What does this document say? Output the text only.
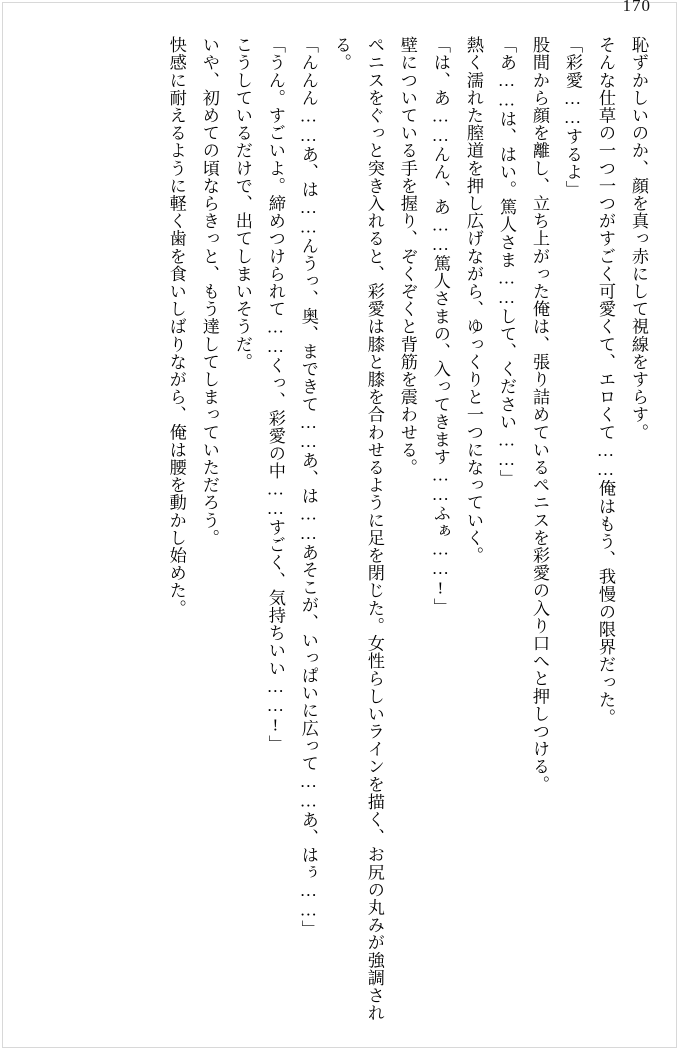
170

恥ずかしいのか、顔を真っ赤にして視線をすらす。

そんな仕草の一つ一つがすごく可愛くて、エロくて……俺はもう、我慢の限界だった。

「彩愛……するよ」

股間から顔を離し、立ち上がった俺は、張り詰めているペニスを彩愛の入り口へと押しつける。

「あ……は、はい。篤人さま……して、ください……」

熱く濡れた膣道を押し広げながら、ゆっくりと一つになっていく。

「は、あ……んん、あ……篤人さまの、入ってきます……ふぁ……!」

壁についている手を握り、ぞくぞくと背筋を震わせる。

ペニスをぐっと突き入れると、彩愛は膝と膝を合わせるように足を閉じた。女性らしいラインを描く、お尻の丸みが強調される。

「んんん……あ、は……んうっ、奥、まできて……あ、は……あそこが、いっぱいに広って……あ、はぅ……」

「うん。すごいよ。締めつけられて……くっ、彩愛の中……すごく、気持ちいい……!」

こうしているだけで、出てしまいそうだ。

いや、初めての頃ならきっと、もう達してしまっていただろう。

快感に耐えるように軽く歯を食いしばりながら、俺は腰を動かし始めた。
